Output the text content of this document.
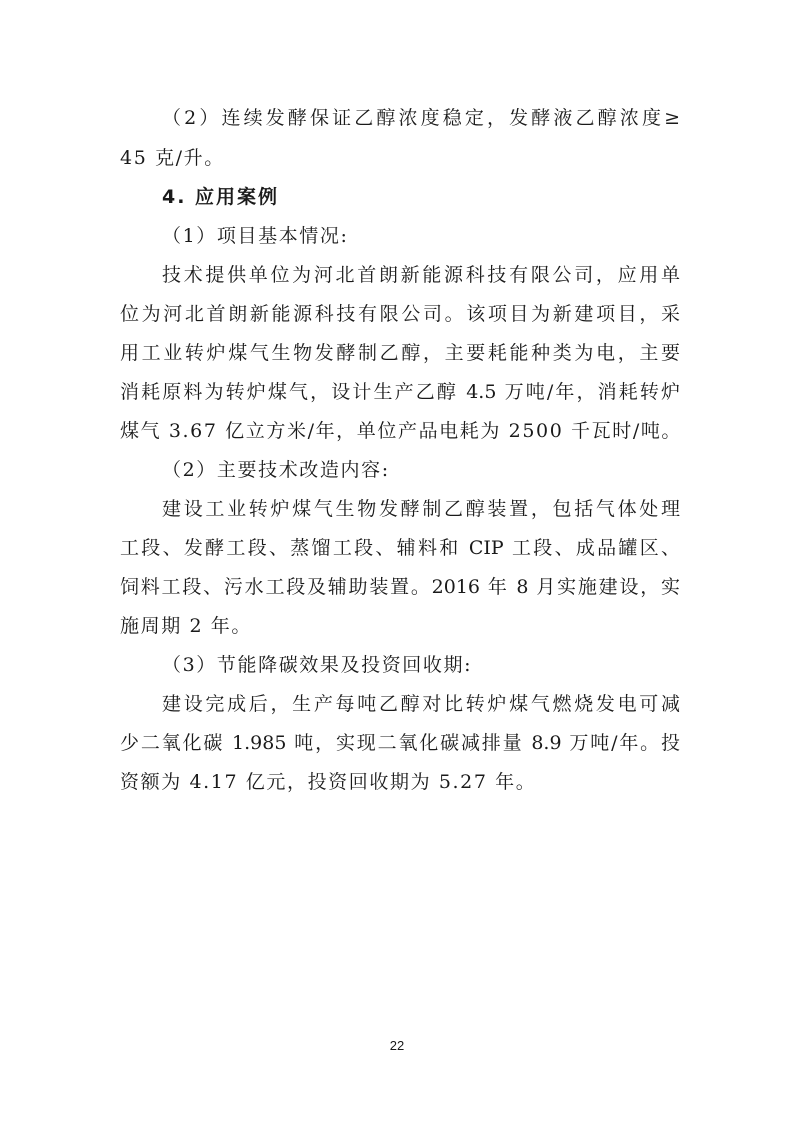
（2）连续发酵保证乙醇浓度稳定，发酵液乙醇浓度≥
45 克/升。
4. 应用案例
（1）项目基本情况:
技术提供单位为河北首朗新能源科技有限公司，应用单
位为河北首朗新能源科技有限公司。该项目为新建项目，采
用工业转炉煤气生物发酵制乙醇，主要耗能种类为电，主要
消耗原料为转炉煤气，设计生产乙醇 4.5 万吨/年，消耗转炉
煤气 3.67 亿立方米/年，单位产品电耗为 2500 千瓦时/吨。
（2）主要技术改造内容:
建设工业转炉煤气生物发酵制乙醇装置，包括气体处理
工段、发酵工段、蒸馏工段、辅料和 CIP 工段、成品罐区、
饲料工段、污水工段及辅助装置。2016 年 8 月实施建设，实
施周期 2 年。
（3）节能降碳效果及投资回收期:
建设完成后，生产每吨乙醇对比转炉煤气燃烧发电可减
少二氧化碳 1.985 吨，实现二氧化碳减排量 8.9 万吨/年。投
资额为 4.17 亿元，投资回收期为 5.27 年。
22
